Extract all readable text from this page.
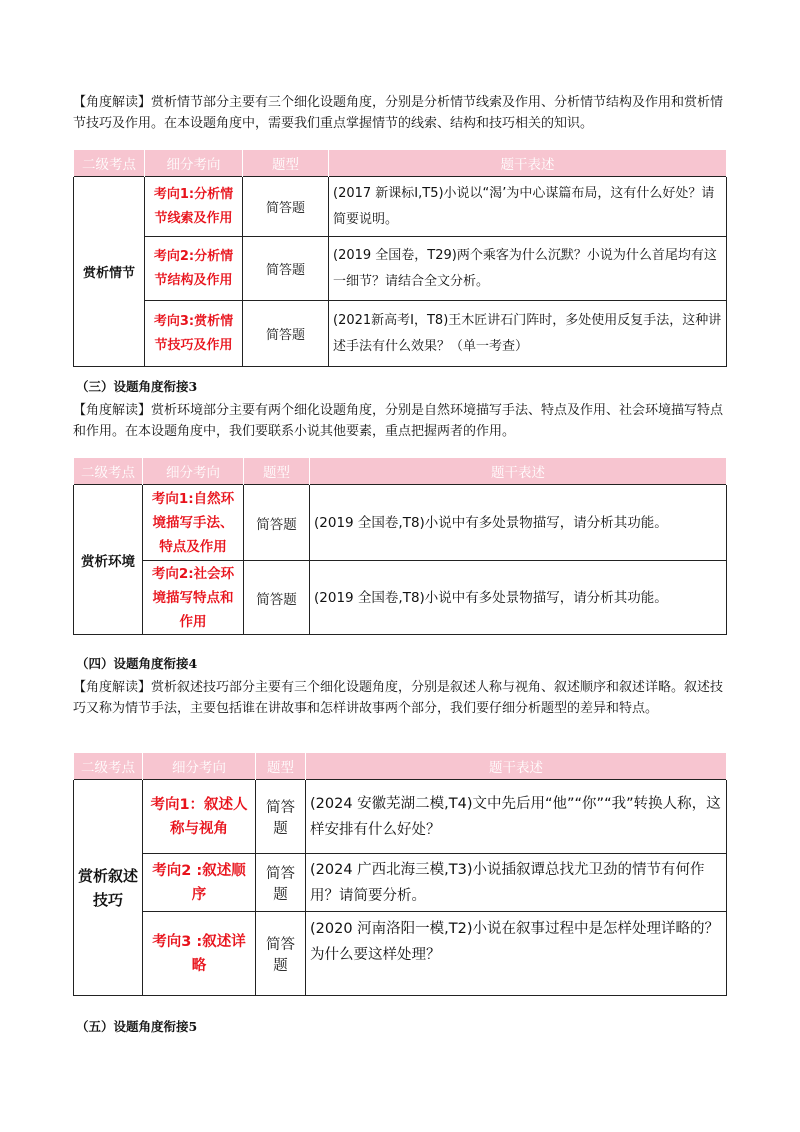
【角度解读】赏析情节部分主要有三个细化设题角度，分别是分析情节线索及作用、分析情节结构及作用和赏析情节技巧及作用。在本设题角度中，需要我们重点掌握情节的线索、结构和技巧相关的知识。

二级考点	细分考向	题型	题干表述
赏析情节	考向1:分析情节线索及作用	简答题	(2017 新课标Ⅰ,T5)小说以“渴’为中心谋篇布局，这有什么好处？请简要说明。
	考向2:分析情节结构及作用	简答题	(2019 全国卷，T29)两个乘客为什么沉默？小说为什么首尾均有这一细节？请结合全文分析。
	考向3:赏析情节技巧及作用	简答题	(2021新高考Ⅰ，T8)王木匠讲石门阵时，多处使用反复手法，这种讲述手法有什么效果？（单一考查）

（三）设题角度衔接3

【角度解读】赏析环境部分主要有两个细化设题角度，分别是自然环境描写手法、特点及作用、社会环境描写特点和作用。在本设题角度中，我们要联系小说其他要素，重点把握两者的作用。

二级考点	细分考向	题型	题干表述
赏析环境	考向1:自然环境描写手法、特点及作用	简答题	(2019 全国卷,T8)小说中有多处景物描写，请分析其功能。
	考向2:社会环境描写特点和作用	简答题	(2019 全国卷,T8)小说中有多处景物描写，请分析其功能。

（四）设题角度衔接4

【角度解读】赏析叙述技巧部分主要有三个细化设题角度，分别是叙述人称与视角、叙述顺序和叙述详略。叙述技巧又称为情节手法，主要包括谁在讲故事和怎样讲故事两个部分，我们要仔细分析题型的差异和特点。

二级考点	细分考向	题型	题干表述
赏析叙述技巧	考向1：叙述人称与视角	简答题	(2024 安徽芜湖二模,T4)文中先后用“他”“你”“我”转换人称，这样安排有什么好处？
	考向2 :叙述顺序	简答题	(2024 广西北海三模,T3)小说插叙谭总找尤卫劲的情节有何作用？请简要分析。
	考向3 :叙述详略	简答题	(2020 河南洛阳一模,T2)小说在叙事过程中是怎样处理详略的？为什么要这样处理？

（五）设题角度衔接5
